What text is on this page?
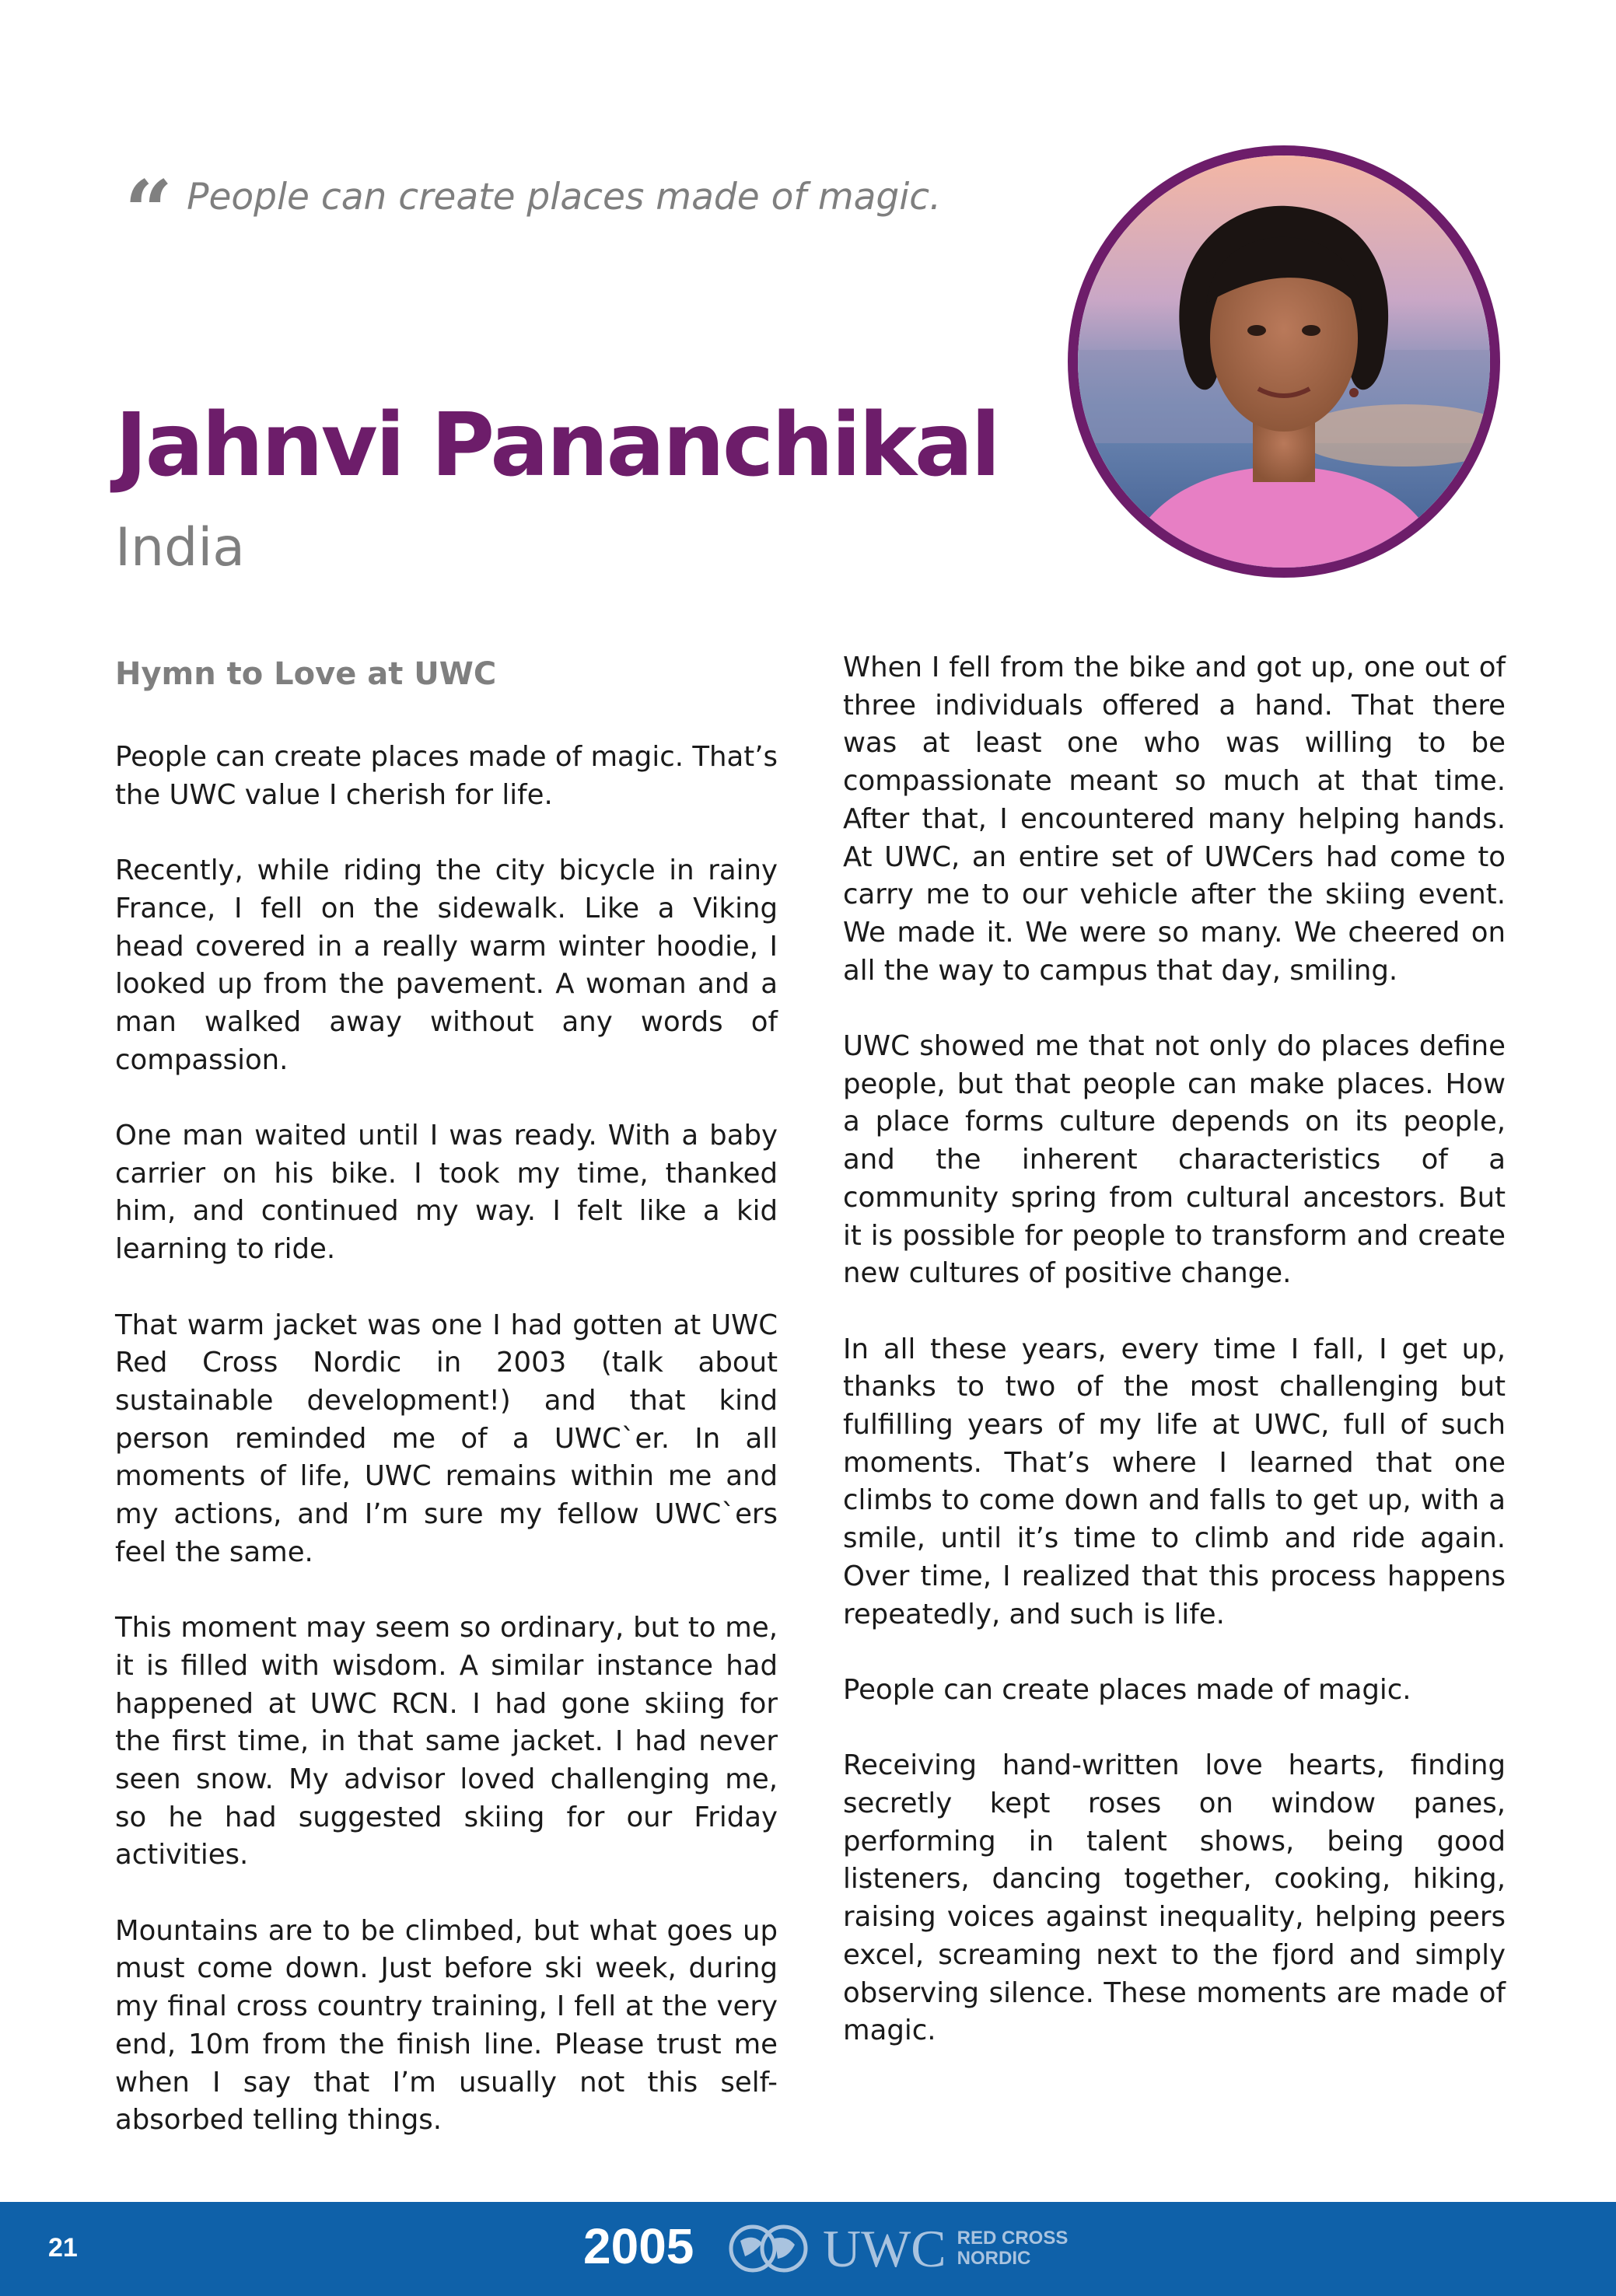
“ People can create places made of magic.
Jahnvi Pananchikal
India
Hymn to Love at UWC

People can create places made of magic. That’s the UWC value I cherish for life.

Recently, while riding the city bicycle in rainy France, I fell on the sidewalk. Like a Viking head covered in a really warm winter hoodie, I looked up from the pavement. A woman and a man walked away without any words of compassion.

One man waited until I was ready. With a baby carrier on his bike. I took my time, thanked him, and continued my way. I felt like a kid learning to ride.

That warm jacket was one I had gotten at UWC Red Cross Nordic in 2003 (talk about sustainable development!) and that kind person reminded me of a UWC`er. In all moments of life, UWC remains within me and my actions, and I’m sure my fellow UWC`ers feel the same.

This moment may seem so ordinary, but to me, it is filled with wisdom. A similar instance had happened at UWC RCN. I had gone skiing for the first time, in that same jacket. I had never seen snow. My advisor loved challenging me, so he had suggested skiing for our Friday activities.

Mountains are to be climbed, but what goes up must come down. Just before ski week, during my final cross country training, I fell at the very end, 10m from the finish line. Please trust me when I say that I’m usually not this self-absorbed telling things.

When I fell from the bike and got up, one out of three individuals offered a hand. That there was at least one who was willing to be compassionate meant so much at that time. After that, I encountered many helping hands. At UWC, an entire set of UWCers had come to carry me to our vehicle after the skiing event. We made it. We were so many. We cheered on all the way to campus that day, smiling.

UWC showed me that not only do places define people, but that people can make places. How a place forms culture depends on its people, and the inherent characteristics of a community spring from cultural ancestors. But it is possible for people to transform and create new cultures of positive change.

In all these years, every time I fall, I get up, thanks to two of the most challenging but fulfilling years of my life at UWC, full of such moments. That’s where I learned that one climbs to come down and falls to get up, with a smile, until it’s time to climb and ride again. Over time, I realized that this process happens repeatedly, and such is life.

People can create places made of magic.

Receiving hand-written love hearts, finding secretly kept roses on window panes, performing in talent shows, being good listeners, dancing together, cooking, hiking, raising voices against inequality, helping peers excel, screaming next to the fjord and simply observing silence. These moments are made of magic.

21	2005 UWC RED CROSS
NORDIC
